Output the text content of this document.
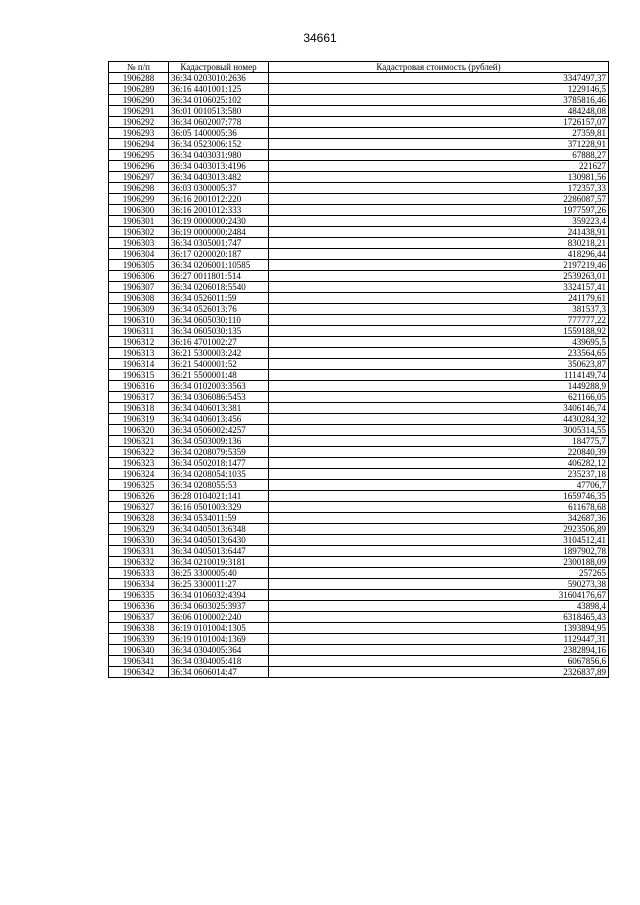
34661
№ п/п	Кадастровый номер	Кадастровая стоимость (рублей)
1906288	36:34 0203010:2636	3347497,37
1906289	36:16 4401001:125	1229146,5
1906290	36:34 0106025:102	3785816,46
1906291	36:01 0010513:580	484248,08
1906292	36:34 0602007:778	1726157,07
1906293	36:05 1400005:36	27359,81
1906294	36:34 0523006:152	371228,91
1906295	36:34 0403031:980	67888,27
1906296	36:34 0403013:4196	221627
1906297	36:34 0403013:482	130981,56
1906298	36:03 0300005:37	172357,33
1906299	36:16 2001012:220	2286087,57
1906300	36:16 2001012:333	1977597,26
1906301	36:19 0000000:2430	359223,4
1906302	36:19 0000000:2484	241438,91
1906303	36:34 0305001:747	830218,21
1906304	36:17 0200020:187	418296,44
1906305	36:34 0206001:10585	2197219,46
1906306	36:27 0011801:514	2539263,01
1906307	36:34 0206018:5540	3324157,41
1906308	36:34 0526011:59	241179,61
1906309	36:34 0526013:76	381537,3
1906310	36:34 0605030:110	777777,22
1906311	36:34 0605030:135	1559188,92
1906312	36:16 4701002:27	439695,5
1906313	36:21 5300003:242	233564,65
1906314	36:21 5400001:52	350623,87
1906315	36:21 5500001:48	1114149,74
1906316	36:34 0102003:3563	1449288,9
1906317	36:34 0306086:5453	621166,05
1906318	36:34 0406013:381	3406146,74
1906319	36:34 0406013:456	4430284,32
1906320	36:34 0506002:4257	3005314,55
1906321	36:34 0503009:136	184775,7
1906322	36:34 0208079:5359	220840,39
1906323	36:34 0502018:1477	406282,12
1906324	36:34 0208054:1035	235237,18
1906325	36:34 0208055:53	47706,7
1906326	36:28 0104021:141	1659746,35
1906327	36:16 0501003:329	611678,68
1906328	36:34 0534011:59	342687,36
1906329	36:34 0405013:6348	2923506,89
1906330	36:34 0405013:6430	3104512,41
1906331	36:34 0405013:6447	1897902,78
1906332	36:34 0210019:3181	2300188,09
1906333	36:25 3300005:40	257265
1906334	36:25 3300011:27	590273,38
1906335	36:34 0106032:4394	31604176,67
1906336	36:34 0603025:3937	43898,4
1906337	36:06 0100002:240	6318465,43
1906338	36:19 0101004:1305	1393894,95
1906339	36:19 0101004:1369	1129447,31
1906340	36:34 0304005:364	2382894,16
1906341	36:34 0304005:418	6067856,6
1906342	36:34 0606014:47	2326837,89
